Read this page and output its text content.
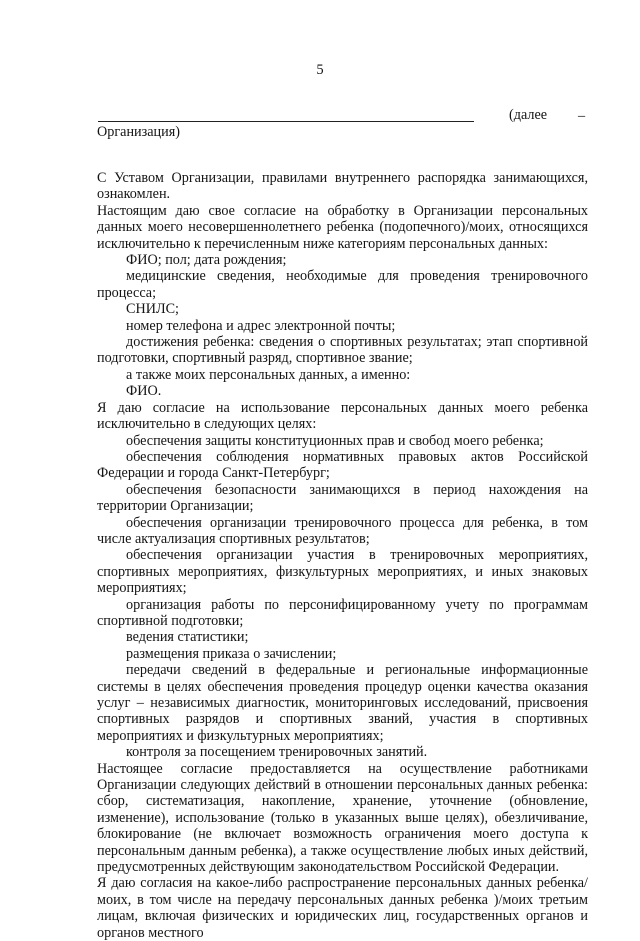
5
(далее	–
Организация)

С Уставом Организации, правилами внутреннего распорядка занимающихся, ознакомлен.

Настоящим даю свое согласие на обработку в Организации персональных данных моего несовершеннолетнего ребенка (подопечного)/моих, относящихся исключительно к перечисленным ниже категориям персональных данных:

ФИО; пол; дата рождения;

медицинские сведения, необходимые для проведения тренировочного процесса;

СНИЛС;

номер телефона и адрес электронной почты;

достижения ребенка: сведения о спортивных результатах; этап спортивной подготовки, спортивный разряд, спортивное звание;

а также моих персональных данных, а именно:

ФИО.

Я даю согласие на использование персональных данных моего ребенка исключительно в следующих целях:

обеспечения защиты конституционных прав и свобод моего ребенка;

обеспечения соблюдения нормативных правовых актов Российской Федерации и города Санкт-Петербург;

обеспечения безопасности занимающихся в период нахождения на территории Организации;

обеспечения организации тренировочного процесса для ребенка, в том числе актуализация спортивных результатов;

обеспечения организации участия в тренировочных мероприятиях, спортивных мероприятиях, физкультурных мероприятиях, и иных знаковых мероприятиях;

организация работы по персонифицированному учету по программам спортивной подготовки;

ведения статистики;

размещения приказа о зачислении;

передачи сведений в федеральные и региональные информационные системы в целях обеспечения проведения процедур оценки качества оказания услуг – независимых диагностик, мониторинговых исследований, присвоения спортивных разрядов и спортивных званий, участия в спортивных мероприятиях и физкультурных мероприятиях;

контроля за посещением тренировочных занятий.

Настоящее согласие предоставляется на осуществление работниками Организации следующих действий в отношении персональных данных ребенка: сбор, систематизация, накопление, хранение, уточнение (обновление, изменение), использование (только в указанных выше целях), обезличивание, блокирование (не включает возможность ограничения моего доступа к персональным данным ребенка), а также осуществление любых иных действий, предусмотренных действующим законодательством Российской Федерации.

Я даю согласия на какое-либо распространение персональных данных ребенка/моих, в том числе на передачу персональных данных ребенка )/моих третьим лицам, включая физических и юридических лиц, государственных органов и органов местного
